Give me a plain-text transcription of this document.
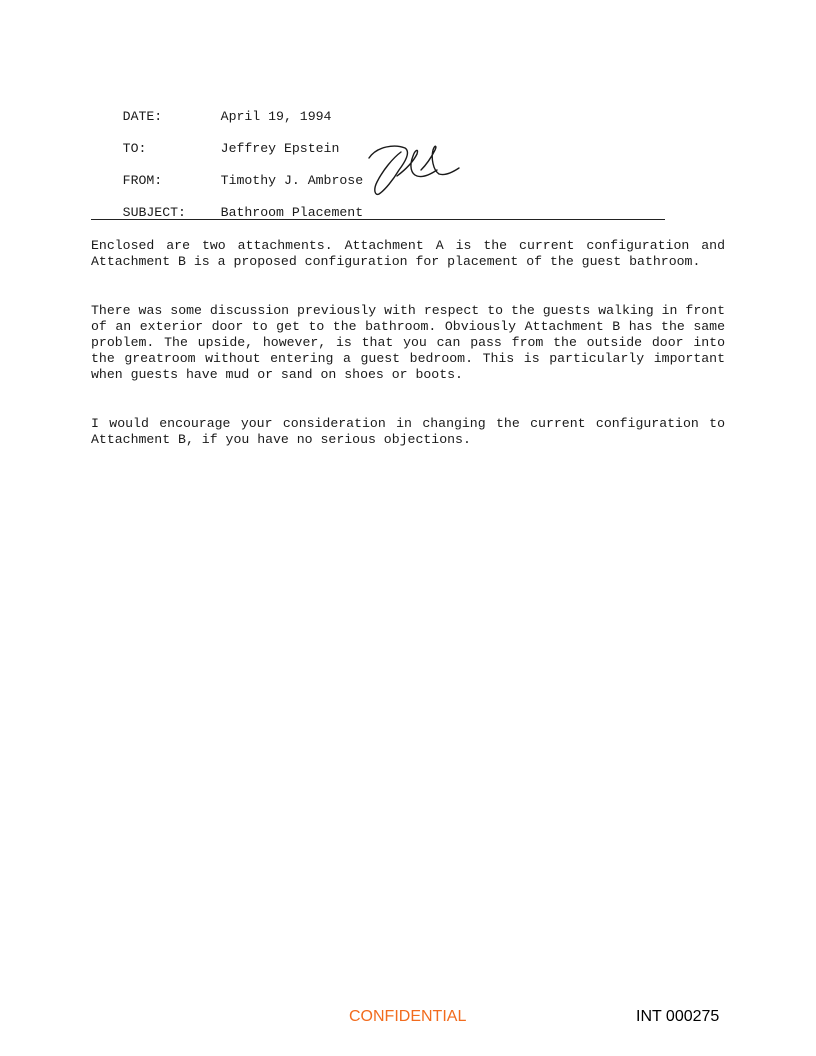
DATE:	April 19, 1994

TO:	Jeffrey Epstein

FROM:	Timothy J. Ambrose

SUBJECT:	Bathroom Placement

Enclosed are two attachments. Attachment A is the current configuration and Attachment B is a proposed configuration for placement of the guest bathroom.
There was some discussion previously with respect to the guests walking in front of an exterior door to get to the bathroom. Obviously Attachment B has the same problem. The upside, however, is that you can pass from the outside door into the greatroom without entering a guest bedroom. This is particularly important when guests have mud or sand on shoes or boots.
I would encourage your consideration in changing the current configuration to Attachment B, if you have no serious objections.
CONFIDENTIAL	INT 000275
